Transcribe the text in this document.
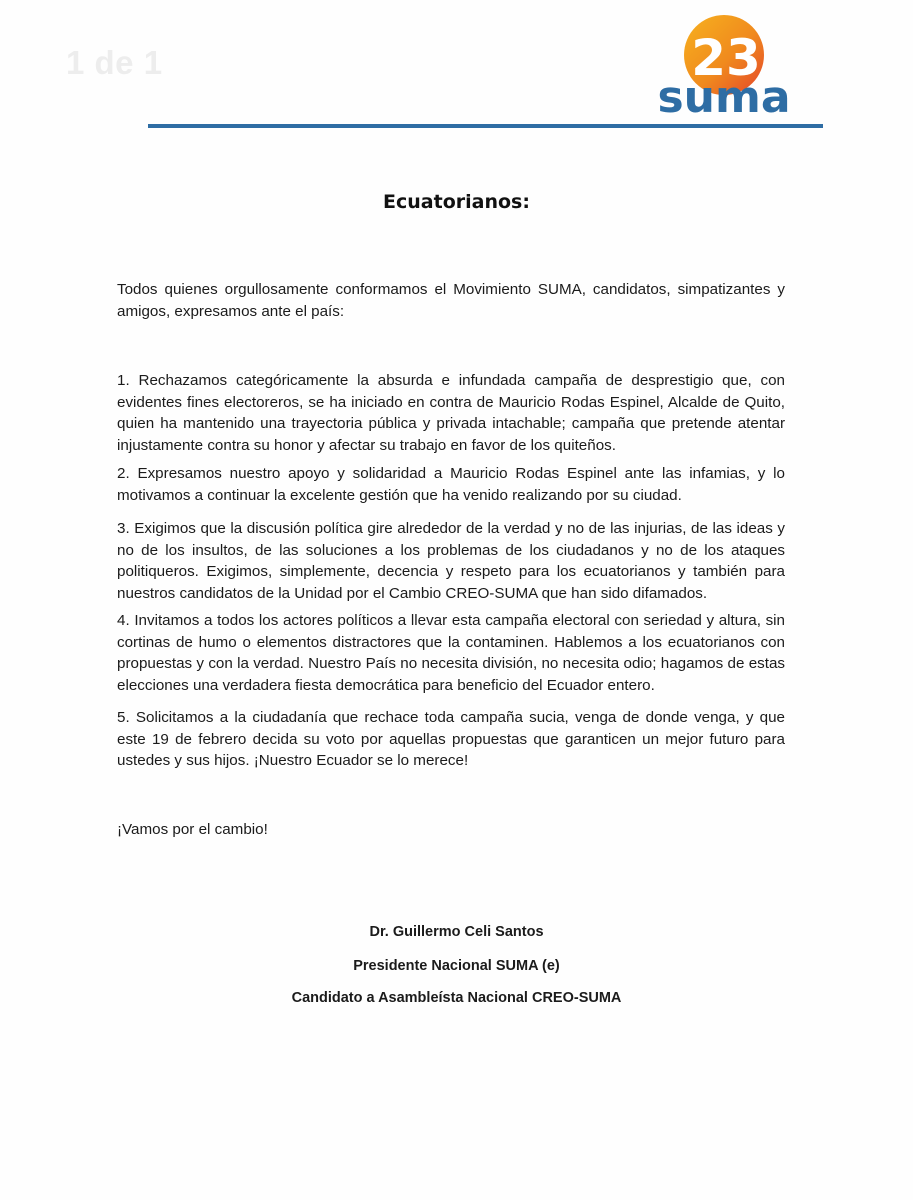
1 de 1	23
suma
Ecuatorianos:
Todos quienes orgullosamente conformamos el Movimiento SUMA, candidatos, simpatizantes y amigos, expresamos ante el país:
1. Rechazamos categóricamente la absurda e infundada campaña de desprestigio que, con evidentes fines electoreros, se ha iniciado en contra de Mauricio Rodas Espinel, Alcalde de Quito, quien ha mantenido una trayectoria pública y privada intachable; campaña que pretende atentar injustamente contra su honor y afectar su trabajo en favor de los quiteños.
2. Expresamos nuestro apoyo y solidaridad a Mauricio Rodas Espinel ante las infamias, y lo motivamos a continuar la excelente gestión que ha venido realizando por su ciudad.
3. Exigimos que la discusión política gire alrededor de la verdad y no de las injurias, de las ideas y no de los insultos, de las soluciones a los problemas de los ciudadanos y no de los ataques politiqueros. Exigimos, simplemente, decencia y respeto para los ecuatorianos y también para nuestros candidatos de la Unidad por el Cambio CREO-SUMA que han sido difamados.
4. Invitamos a todos los actores políticos a llevar esta campaña electoral con seriedad y altura, sin cortinas de humo o elementos distractores que la contaminen. Hablemos a los ecuatorianos con propuestas y con la verdad. Nuestro País no necesita división, no necesita odio; hagamos de estas elecciones una verdadera fiesta democrática para beneficio del Ecuador entero.
5. Solicitamos a la ciudadanía que rechace toda campaña sucia, venga de donde venga, y que este 19 de febrero decida su voto por aquellas propuestas que garanticen un mejor futuro para ustedes y sus hijos. ¡Nuestro Ecuador se lo merece!
¡Vamos por el cambio!
Dr. Guillermo Celi Santos
Presidente Nacional SUMA (e)
Candidato a Asambleísta Nacional CREO-SUMA
